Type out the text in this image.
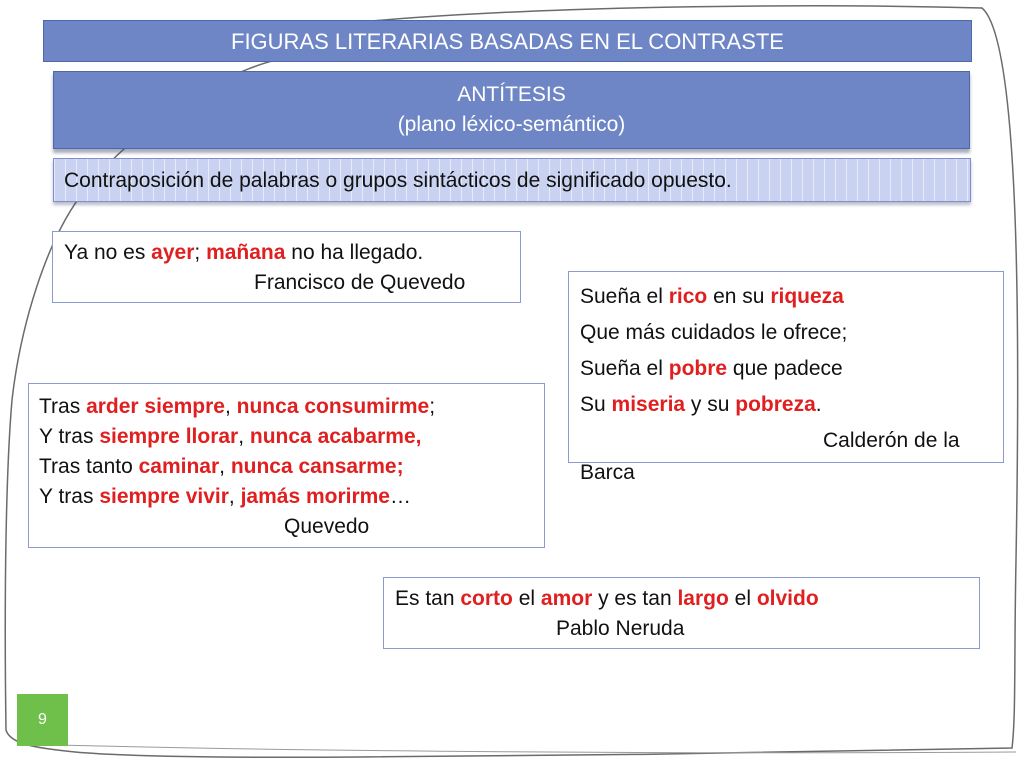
FIGURAS LITERARIAS BASADAS EN EL CONTRASTE
ANTÍTESIS
(plano léxico-semántico)
Contraposición de palabras o grupos sintácticos de significado opuesto.
Ya no es ayer; mañana no ha llegado.
Francisco de Quevedo
Sueña el rico en su riqueza
Que más cuidados le ofrece;
Sueña el pobre que padece
Su miseria y su pobreza.
Calderón de la
Barca
Tras arder siempre, nunca consumirme;
Y tras siempre llorar, nunca acabarme,
Tras tanto caminar, nunca cansarme;
Y tras siempre vivir, jamás morirme…
Quevedo
Es tan corto el amor y es tan largo el olvido
Pablo Neruda
9
